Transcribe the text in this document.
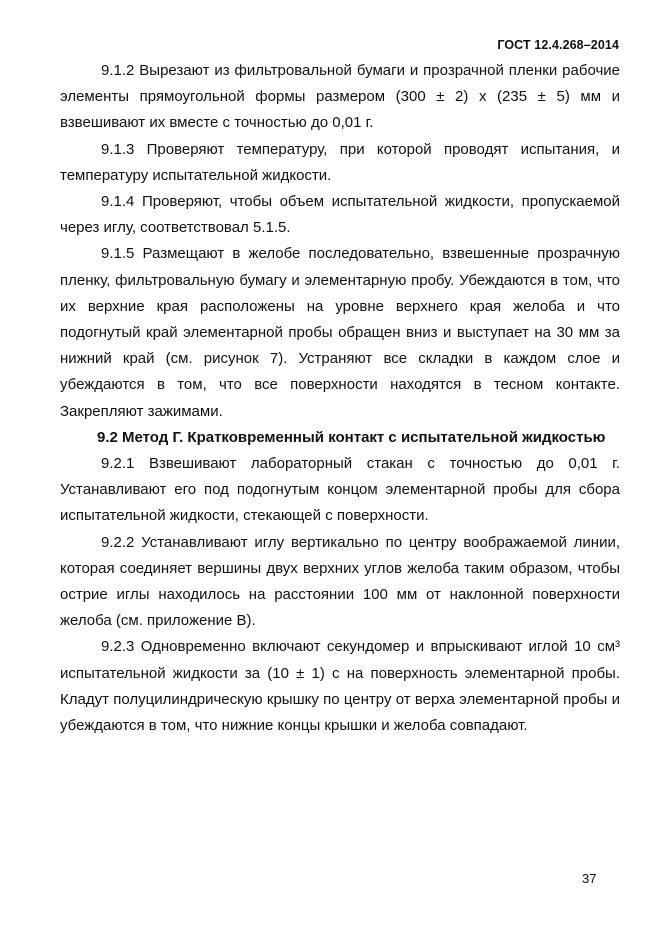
ГОСТ 12.4.268–2014

9.1.2 Вырезают из фильтровальной бумаги и прозрачной пленки рабочие элементы прямоугольной формы размером (300 ± 2) х (235 ± 5) мм и взвешивают их вместе с точностью до 0,01 г.

9.1.3 Проверяют температуру, при которой проводят испытания, и температуру испытательной жидкости.

9.1.4 Проверяют, чтобы объем испытательной жидкости, пропускаемой через иглу, соответствовал 5.1.5.

9.1.5 Размещают в желобе последовательно, взвешенные прозрачную пленку, фильтровальную бумагу и элементарную пробу. Убеждаются в том, что их верхние края расположены на уровне верхнего края желоба и что подогнутый край элементарной пробы обращен вниз и выступает на 30 мм за нижний край (см. рисунок 7). Устраняют все складки в каждом слое и убеждаются в том, что все поверхности находятся в тесном контакте. Закрепляют зажимами.

9.2 Метод Г. Кратковременный контакт с испытательной жидкостью

9.2.1 Взвешивают лабораторный стакан с точностью до 0,01 г. Устанавливают его под подогнутым концом элементарной пробы для сбора испытательной жидкости, стекающей с поверхности.

9.2.2 Устанавливают иглу вертикально по центру воображаемой линии, которая соединяет вершины двух верхних углов желоба таким образом, чтобы острие иглы находилось на расстоянии 100 мм от наклонной поверхности желоба (см. приложение В).

9.2.3 Одновременно включают секундомер и впрыскивают иглой 10 см³ испытательной жидкости за (10 ± 1) с на поверхность элементарной пробы. Кладут полуцилиндрическую крышку по центру от верха элементарной пробы и убеждаются в том, что нижние концы крышки и желоба совпадают.

37
